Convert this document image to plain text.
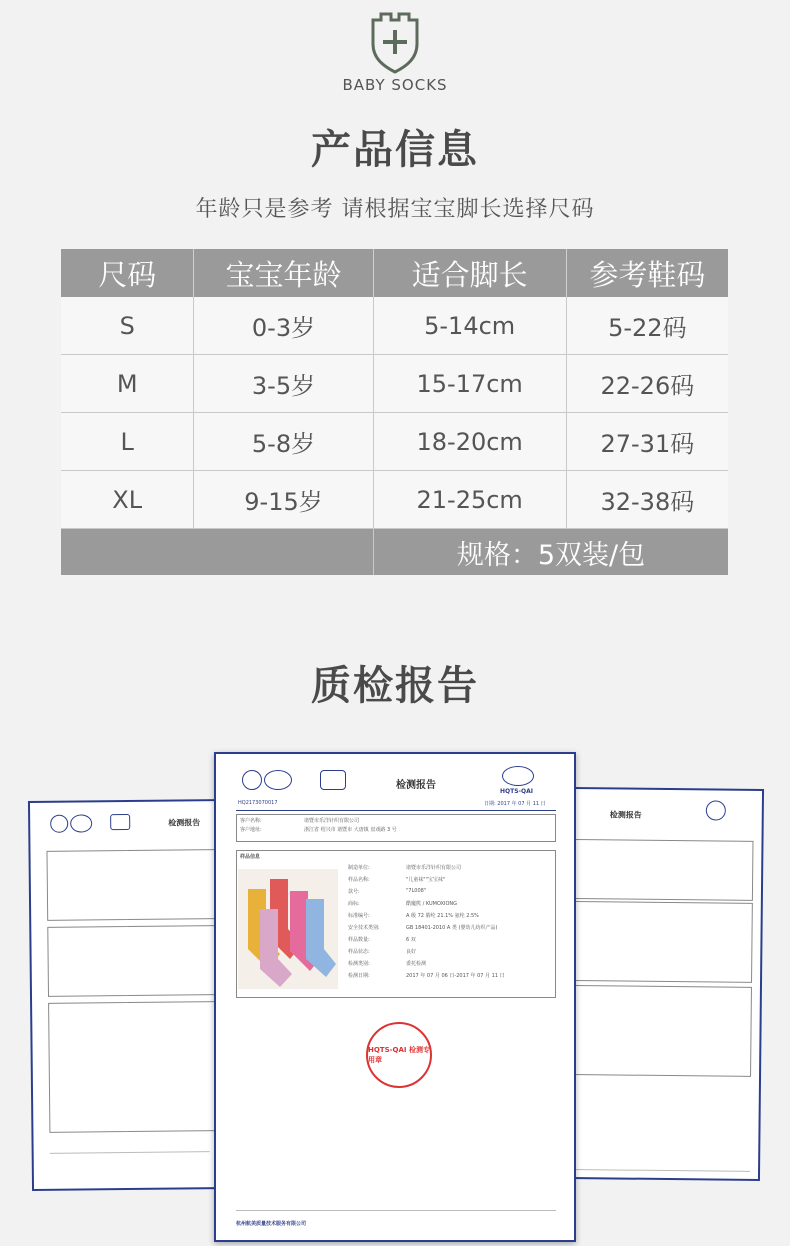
BABY SOCKS
产品信息
年龄只是参考 请根据宝宝脚长选择尺码
尺码	宝宝年龄	适合脚长	参考鞋码
S	0-3岁	5-14cm	5-22码
M	3-5岁	15-17cm	22-26码
L	5-8岁	18-20cm	27-31码
XL	9-15岁	21-25cm	32-38码
规格：5双装/包
质检报告
检测报告
检测报告
检测报告
HQTS-QAI
HQ2173070017	日期: 2017 年 07 月 11 日
客户名称:	诸暨市乐洋针织有限公司
客户地址:	浙江省 绍兴市 诸暨市 大唐镇 盘戏路 3 号
样品信息
制造单位:	诸暨市乐洋针织有限公司
样品名称:	"儿童袜""宝宝袜"
款号:	"7L008"
商标:	酷魔熊 / KUMOXIONG
标准编号:	A 级 72 腈纶 21.1% 氨纶 2.5%
安全技术类别:	GB 18401-2010 A 类 (婴幼儿纺织产品)
样品数量:	6 双
样品状态:	良好
检测类别:	委托检测
检测日期:	2017 年 07 月 06 日-2017 年 07 月 11 日
HQTS-QAI 检测专用章
杭州航美质量技术服务有限公司
